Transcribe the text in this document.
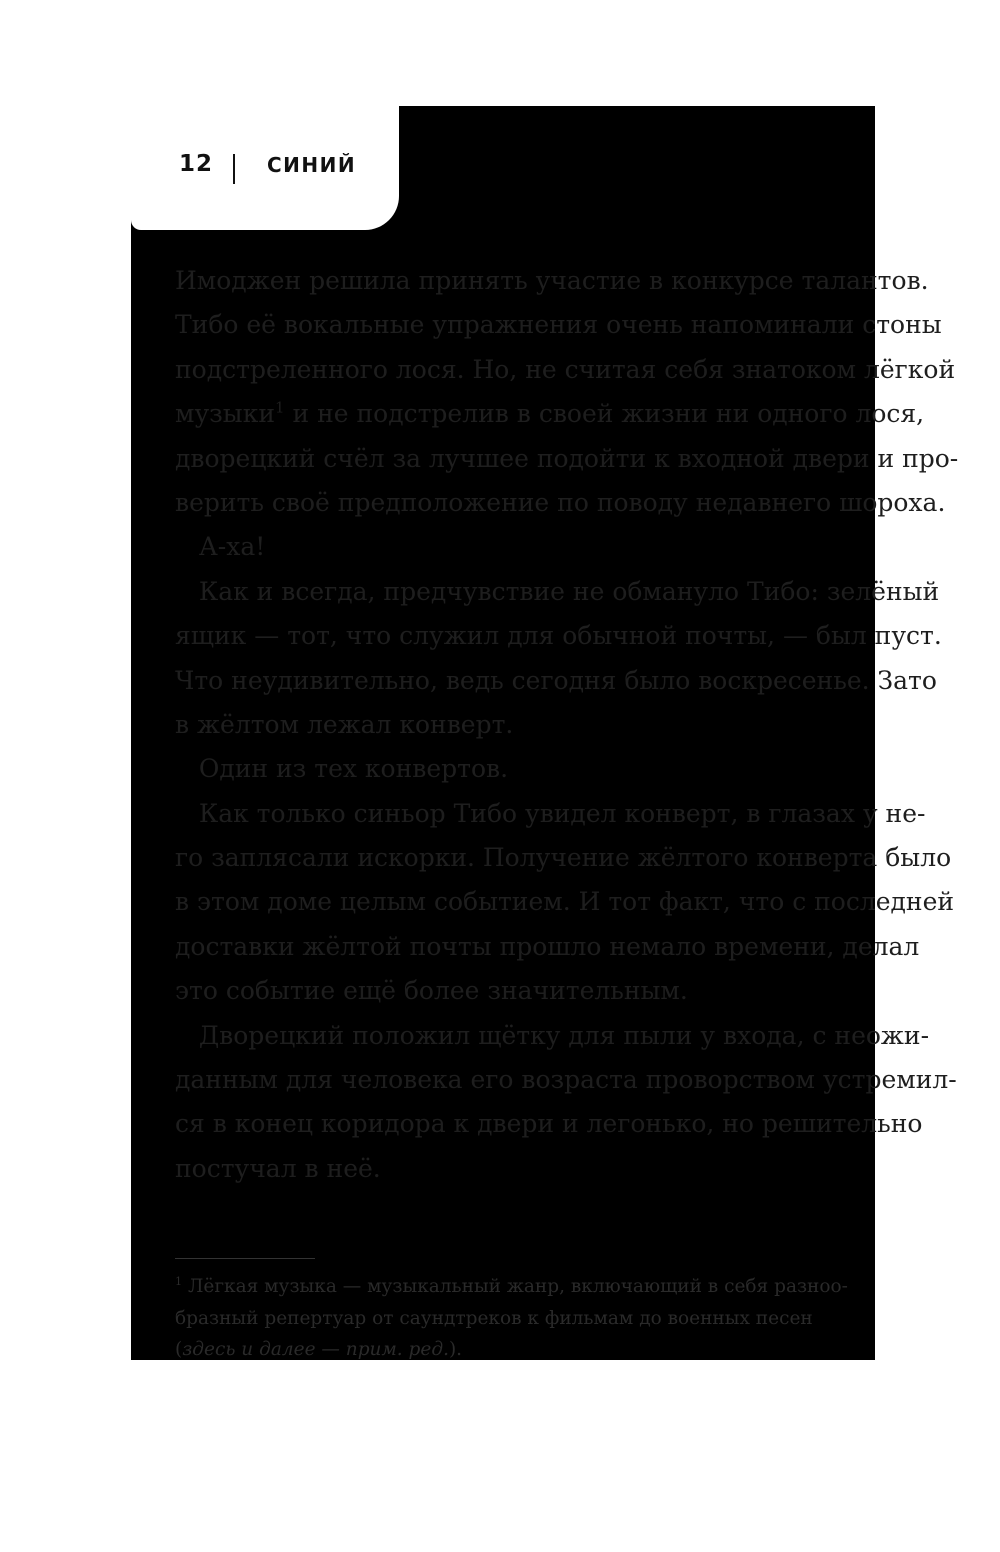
12	СИНИЙ
Имоджен решила принять участие в конкурсе талантов.
Тибо её вокальные упражнения очень напоминали стоны
подстреленного лося. Но, не считая себя знатоком лёгкой
музыки$^1$ и не подстрелив в своей жизни ни одного лося,
дворецкий счёл за лучшее подойти к входной двери и про-
верить своё предположение по поводу недавнего шороха.
А-ха!
Как и всегда, предчувствие не обмануло Тибо: зелёный
ящик — тот, что служил для обычной почты, — был пуст.
Что неудивительно, ведь сегодня было воскресенье. Зато
в жёлтом лежал конверт.
Один из тех конвертов.
Как только синьор Тибо увидел конверт, в глазах у не-
го заплясали искорки. Получение жёлтого конверта было
в этом доме целым событием. И тот факт, что с последней
доставки жёлтой почты прошло немало времени, делал
это событие ещё более значительным.
Дворецкий положил щётку для пыли у входа, с неожи-
данным для человека его возраста проворством устремил-
ся в конец коридора к двери и легонько, но решительно
постучал в неё.
$^1$ Лёгкая музыка — музыкальный жанр, включающий в себя разноо-
бразный репертуар от саундтреков к фильмам до военных песен
(здесь и далее — прим. ред.).
